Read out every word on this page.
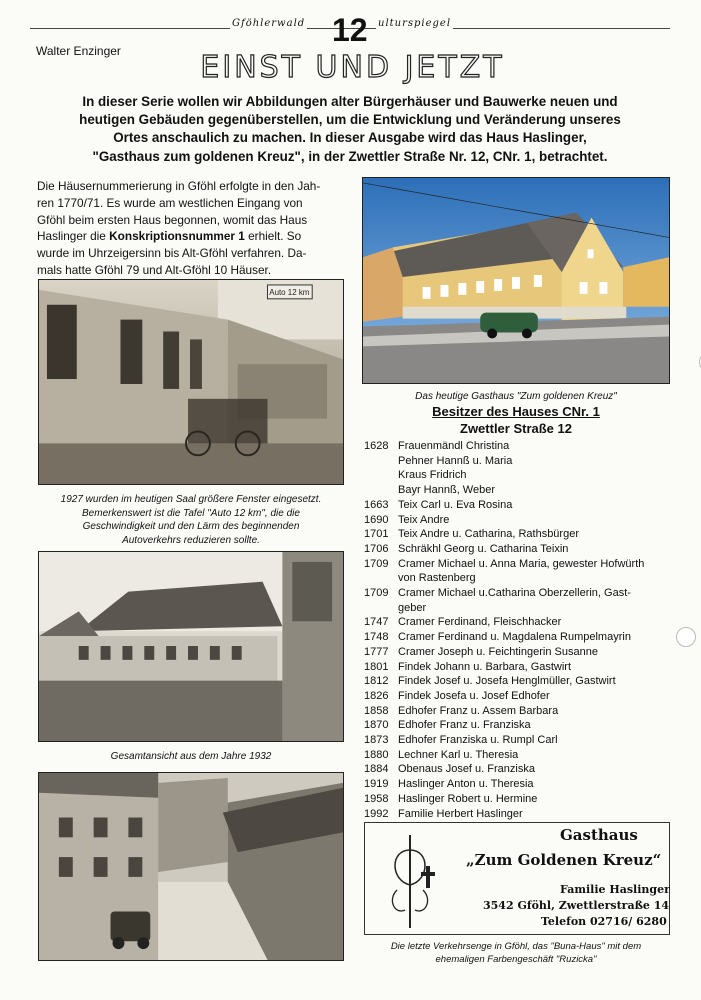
Gföhlerwald	ulturspiegel
12
Walter Enzinger	EINST UND JETZT
In dieser Serie wollen wir Abbildungen alter Bürgerhäuser und Bauwerke neuen und
heutigen Gebäuden gegenüberstellen, um die Entwicklung und Veränderung unseres
Ortes anschaulich zu machen. In dieser Ausgabe wird das Haus Haslinger,
"Gasthaus zum goldenen Kreuz", in der Zwettler Straße Nr. 12, CNr. 1, betrachtet.
Die Häusernummerierung in Gföhl erfolgte in den Jah-
ren 1770/71. Es wurde am westlichen Eingang von
Gföhl beim ersten Haus begonnen, womit das Haus
Haslinger die Konskriptionsnummer 1 erhielt. So
wurde im Uhrzeigersinn bis Alt-Gföhl verfahren. Da-
mals hatte Gföhl 79 und Alt-Gföhl 10 Häuser.
Auto 12 km
1927 wurden im heutigen Saal größere Fenster eingesetzt.
Bemerkenswert ist die Tafel "Auto 12 km", die die
Geschwindigkeit und den Lärm des beginnenden
Autoverkehrs reduzieren sollte.
Gesamtansicht aus dem Jahre 1932
Das heutige Gasthaus "Zum goldenen Kreuz"
Besitzer des Hauses CNr. 1
Zwettler Straße 12
1628 Frauenmändl Christina
Pehner Hannß u. Maria
Kraus Fridrich
Bayr Hannß, Weber
1663 Teix Carl u. Eva Rosina
1690 Teix Andre
1701 Teix Andre u. Catharina, Rathsbürger
1706 Schräkhl Georg u. Catharina Teixin
1709 Cramer Michael u. Anna Maria, gewester Hofwürth
von Rastenberg
1709 Cramer Michael u.Catharina Oberzellerin, Gast-
geber
1747 Cramer Ferdinand, Fleischhacker
1748 Cramer Ferdinand u. Magdalena Rumpelmayrin
1777 Cramer Joseph u. Feichtingerin Susanne
1801 Findek Johann u. Barbara, Gastwirt
1812 Findek Josef u. Josefa Henglmüller, Gastwirt
1826 Findek Josefa u. Josef Edhofer
1858 Edhofer Franz u. Assem Barbara
1870 Edhofer Franz u. Franziska
1873 Edhofer Franziska u. Rumpl Carl
1880 Lechner Karl u. Theresia
1884 Obenaus Josef u. Franziska
1919 Haslinger Anton u. Theresia
1958 Haslinger Robert u. Hermine
1992 Familie Herbert Haslinger
Gasthaus
„Zum Goldenen Kreuz“
Familie Haslinger
3542 Gföhl, Zwettlerstraße 14
Telefon 02716/ 6280
Die letzte Verkehrsenge in Gföhl, das "Buna-Haus" mit dem
ehemaligen Farbengeschäft "Ruzicka"
